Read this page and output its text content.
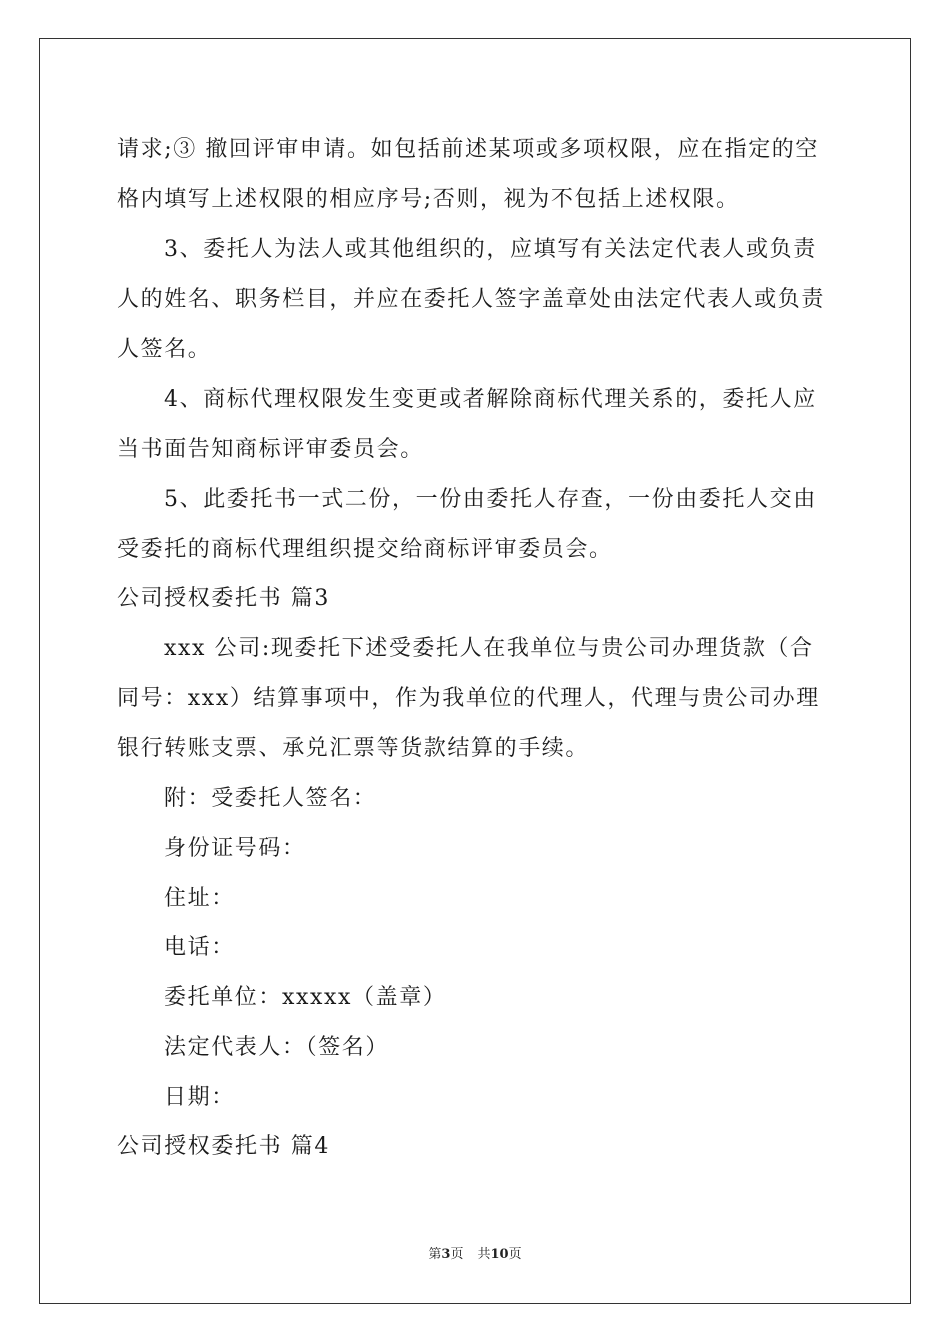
请求;③ 撤回评审申请。如包括前述某项或多项权限，应在指定的空
格内填写上述权限的相应序号;否则，视为不包括上述权限。
3、委托人为法人或其他组织的，应填写有关法定代表人或负责
人的姓名、职务栏目，并应在委托人签字盖章处由法定代表人或负责
人签名。
4、商标代理权限发生变更或者解除商标代理关系的，委托人应
当书面告知商标评审委员会。
5、此委托书一式二份，一份由委托人存查，一份由委托人交由
受委托的商标代理组织提交给商标评审委员会。
公司授权委托书 篇3
xxx 公司:现委托下述受委托人在我单位与贵公司办理货款（合
同号：xxx）结算事项中，作为我单位的代理人，代理与贵公司办理
银行转账支票、承兑汇票等货款结算的手续。
附：受委托人签名：
身份证号码：
住址：
电话：
委托单位：xxxxx（盖章）
法定代表人：（签名）
日期：
公司授权委托书 篇4
第3页 共10页
